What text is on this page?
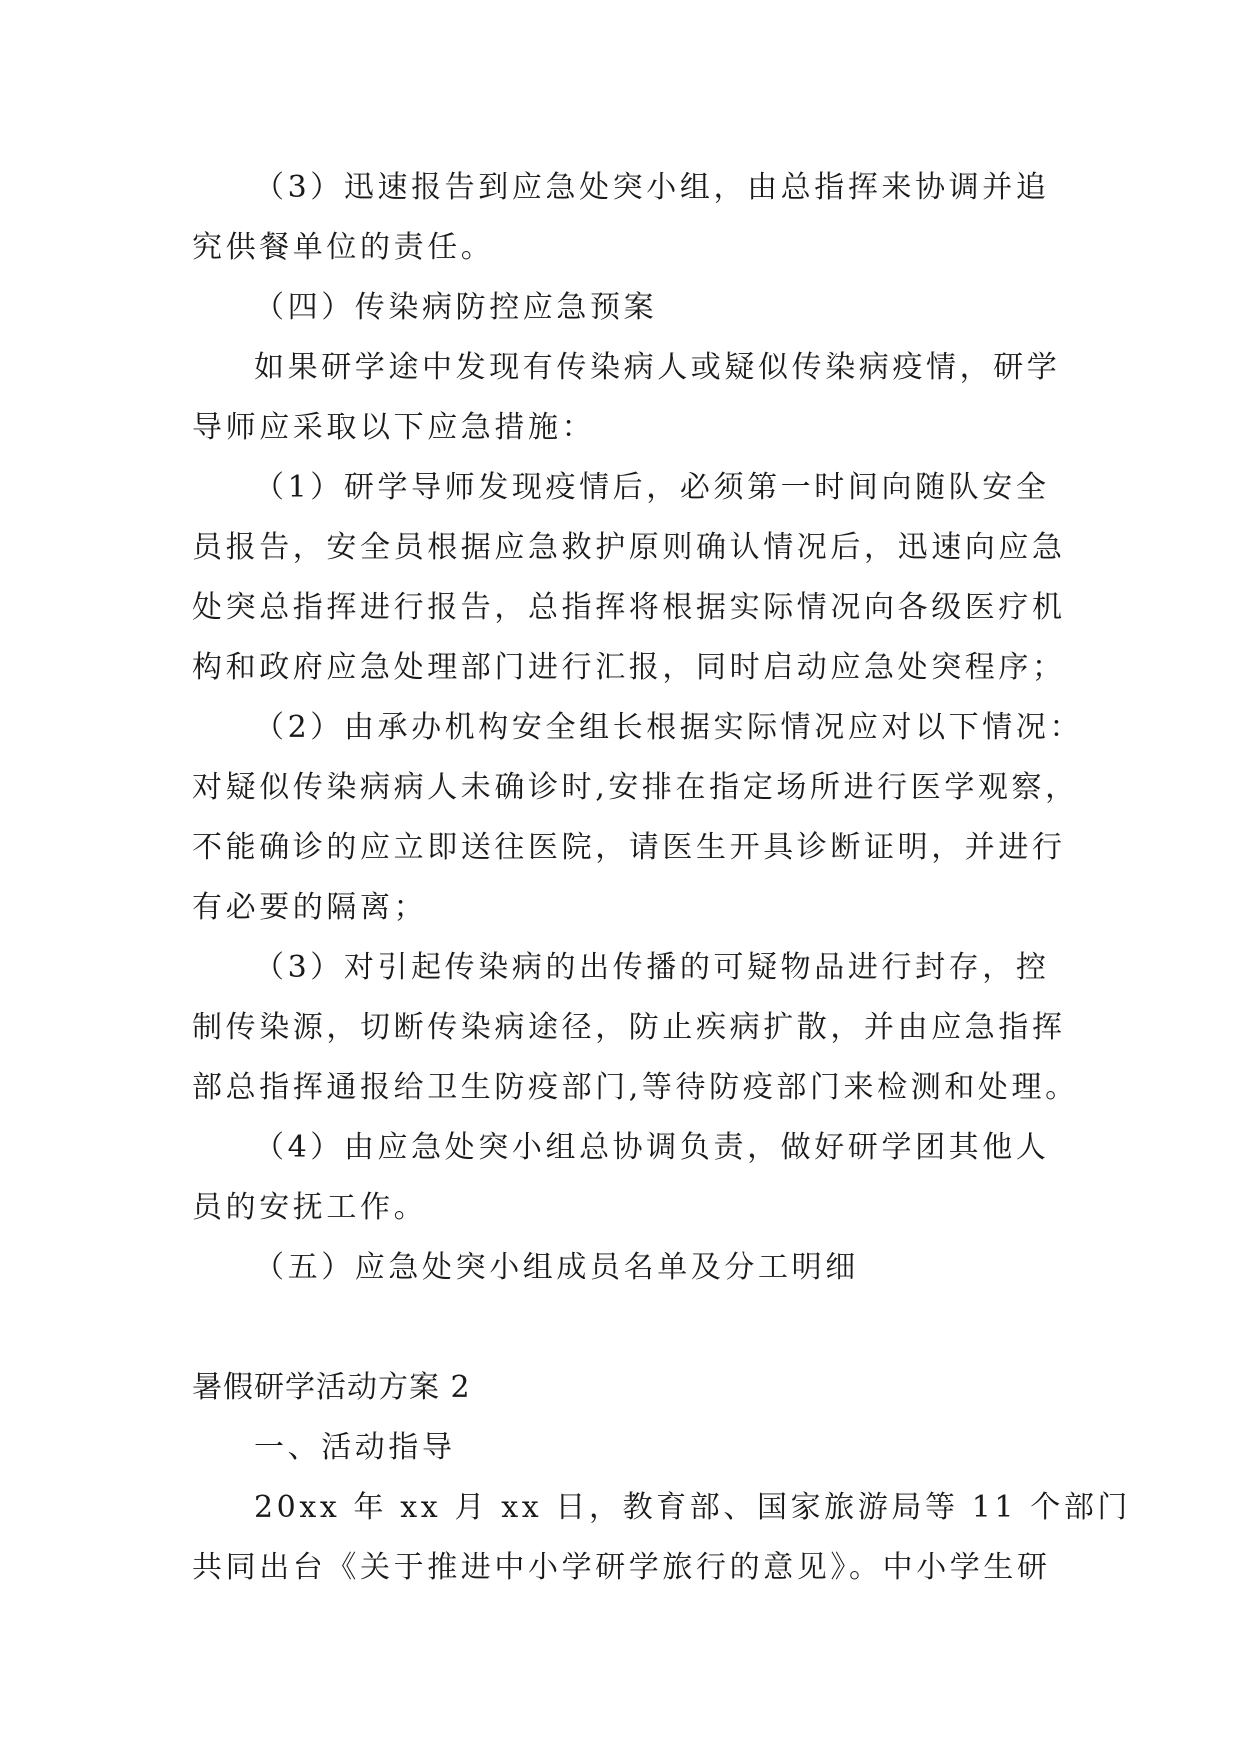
（3）迅速报告到应急处突小组，由总指挥来协调并追
究供餐单位的责任。
（四）传染病防控应急预案
如果研学途中发现有传染病人或疑似传染病疫情，研学
导师应采取以下应急措施：
（1）研学导师发现疫情后，必须第一时间向随队安全
员报告，安全员根据应急救护原则确认情况后，迅速向应急
处突总指挥进行报告，总指挥将根据实际情况向各级医疗机
构和政府应急处理部门进行汇报，同时启动应急处突程序；
（2）由承办机构安全组长根据实际情况应对以下情况：
对疑似传染病病人未确诊时,安排在指定场所进行医学观察，
不能确诊的应立即送往医院，请医生开具诊断证明，并进行
有必要的隔离；
（3）对引起传染病的出传播的可疑物品进行封存，控
制传染源，切断传染病途径，防止疾病扩散，并由应急指挥
部总指挥通报给卫生防疫部门,等待防疫部门来检测和处理。
（4）由应急处突小组总协调负责，做好研学团其他人
员的安抚工作。
（五）应急处突小组成员名单及分工明细
暑假研学活动方案 2
一、活动指导
20xx 年 xx 月 xx 日，教育部、国家旅游局等 11 个部门
共同出台《关于推进中小学研学旅行的意见》。中小学生研
